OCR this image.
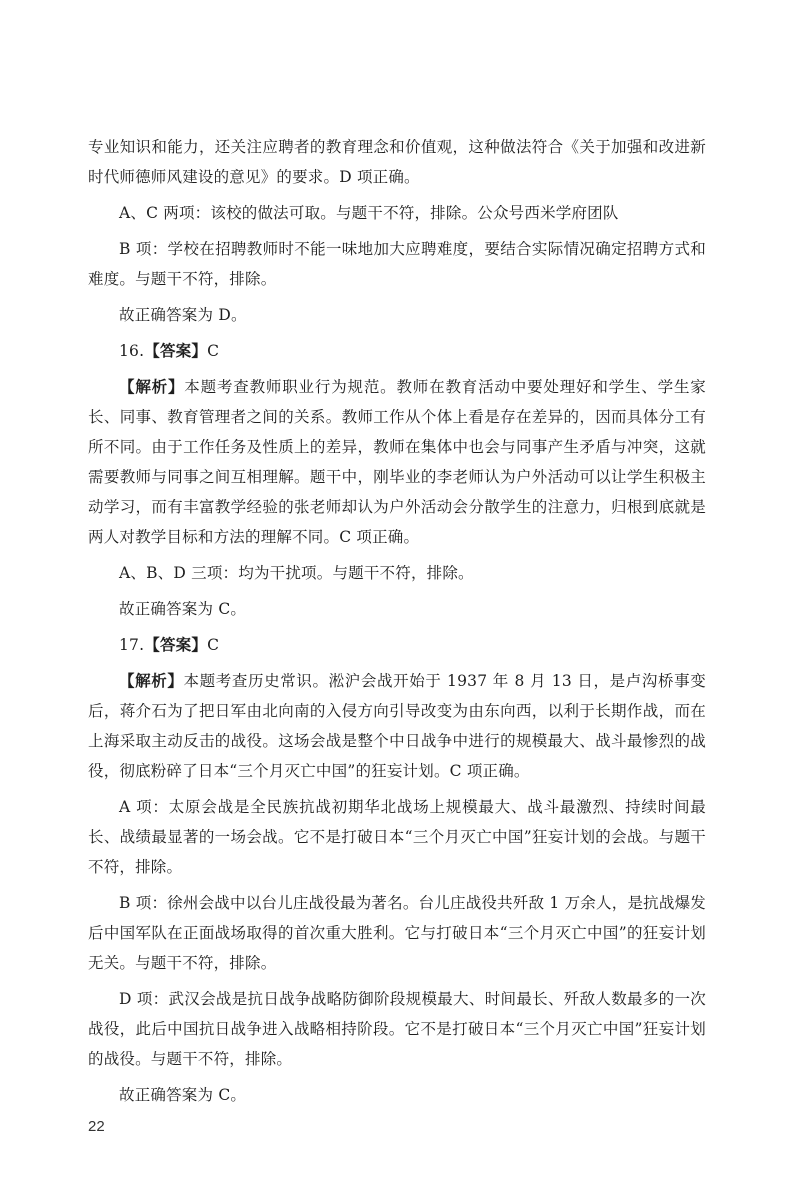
专业知识和能力，还关注应聘者的教育理念和价值观，这种做法符合《关于加强和改进新时代师德师风建设的意见》的要求。D 项正确。

A、C 两项：该校的做法可取。与题干不符，排除。公众号西米学府团队

B 项：学校在招聘教师时不能一味地加大应聘难度，要结合实际情况确定招聘方式和难度。与题干不符，排除。

故正确答案为 D。

16.【答案】C

【解析】本题考查教师职业行为规范。教师在教育活动中要处理好和学生、学生家长、同事、教育管理者之间的关系。教师工作从个体上看是存在差异的，因而具体分工有所不同。由于工作任务及性质上的差异，教师在集体中也会与同事产生矛盾与冲突，这就需要教师与同事之间互相理解。题干中，刚毕业的李老师认为户外活动可以让学生积极主动学习，而有丰富教学经验的张老师却认为户外活动会分散学生的注意力，归根到底就是两人对教学目标和方法的理解不同。C 项正确。

A、B、D 三项：均为干扰项。与题干不符，排除。

故正确答案为 C。

17.【答案】C

【解析】本题考查历史常识。淞沪会战开始于 1937 年 8 月 13 日，是卢沟桥事变后，蒋介石为了把日军由北向南的入侵方向引导改变为由东向西，以利于长期作战，而在上海采取主动反击的战役。这场会战是整个中日战争中进行的规模最大、战斗最惨烈的战役，彻底粉碎了日本“三个月灭亡中国”的狂妄计划。C 项正确。

A 项：太原会战是全民族抗战初期华北战场上规模最大、战斗最激烈、持续时间最长、战绩最显著的一场会战。它不是打破日本“三个月灭亡中国”狂妄计划的会战。与题干不符，排除。

B 项：徐州会战中以台儿庄战役最为著名。台儿庄战役共歼敌 1 万余人，是抗战爆发后中国军队在正面战场取得的首次重大胜利。它与打破日本“三个月灭亡中国”的狂妄计划无关。与题干不符，排除。

D 项：武汉会战是抗日战争战略防御阶段规模最大、时间最长、歼敌人数最多的一次战役，此后中国抗日战争进入战略相持阶段。它不是打破日本“三个月灭亡中国”狂妄计划的战役。与题干不符，排除。

故正确答案为 C。

22
